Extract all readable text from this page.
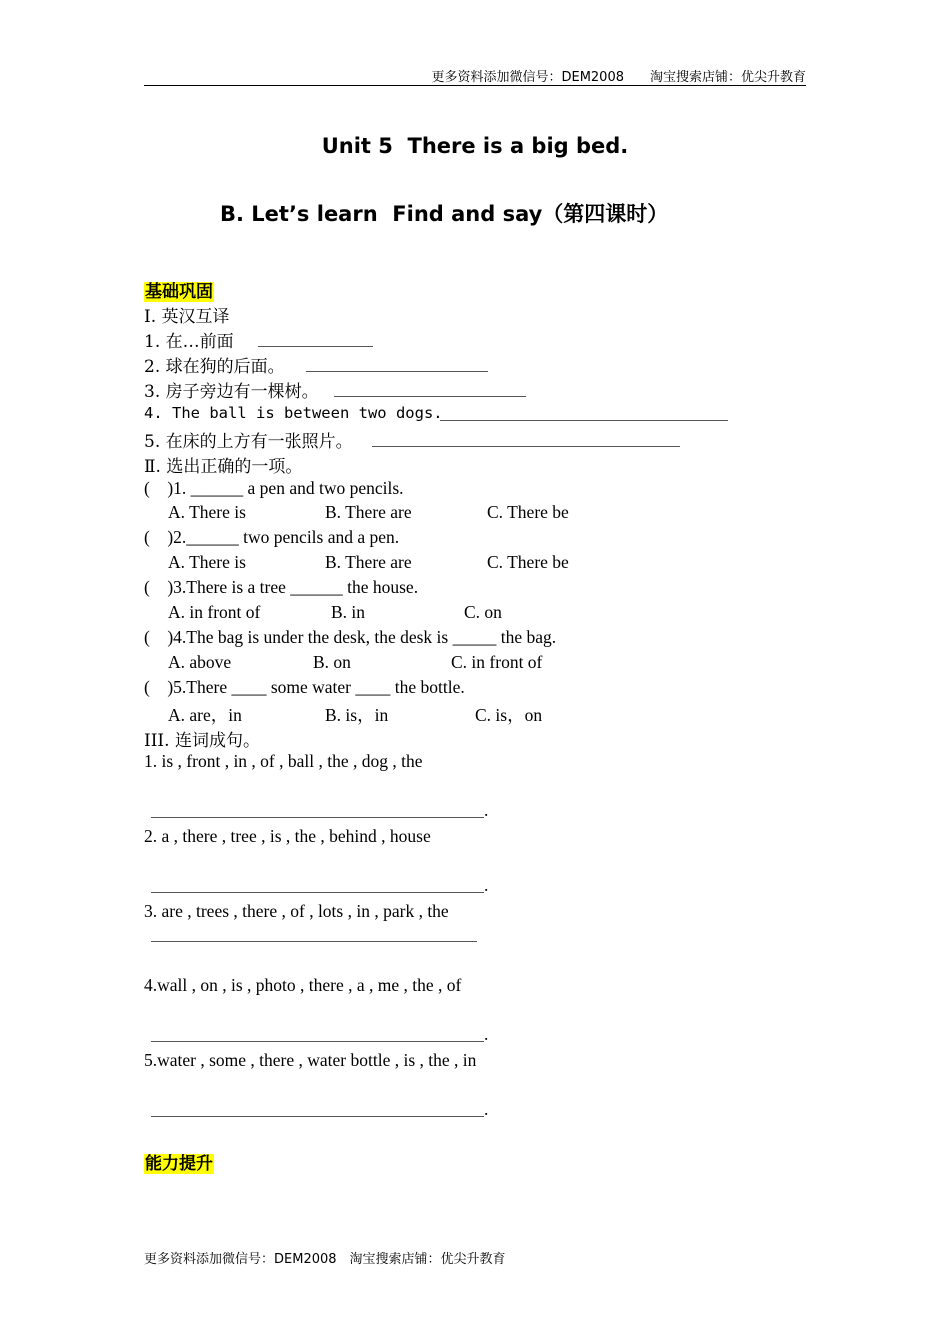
更多资料添加微信号：DEM2008　　淘宝搜索店铺：优尖升教育
Unit 5  There is a big bed.
B. Let’s learn  Find and say（第四课时）
基础巩固
Ⅰ. 英汉互译
1. 在…前面
2. 球在狗的后面。
3. 房子旁边有一棵树。
4. The ball is between two dogs.
5. 在床的上方有一张照片。
Ⅱ. 选出正确的一项。
(    )1. ______ a pen and two pencils.
A. There is	B. There are	C. There be
(    )2.______ two pencils and a pen.
A. There is	B. There are	C. There be
(    )3.There is a tree ______ the house.
A. in front of	B. in	C. on
(    )4.The bag is under the desk, the desk is _____ the bag.
A. above	B. on	C. in front of
(    )5.There ____ some water ____ the bottle.
A. are，in	B. is，in	C. is，on
III. 连词成句。
1. is , front , in , of , ball , the , dog , the
.
2. a , there , tree , is , the , behind , house
.
3. are , trees , there , of , lots , in , park , the
4.wall , on , is , photo , there , a , me , the , of
.
5.water , some , there , water bottle , is , the , in
.
能力提升
更多资料添加微信号：DEM2008　淘宝搜索店铺：优尖升教育
